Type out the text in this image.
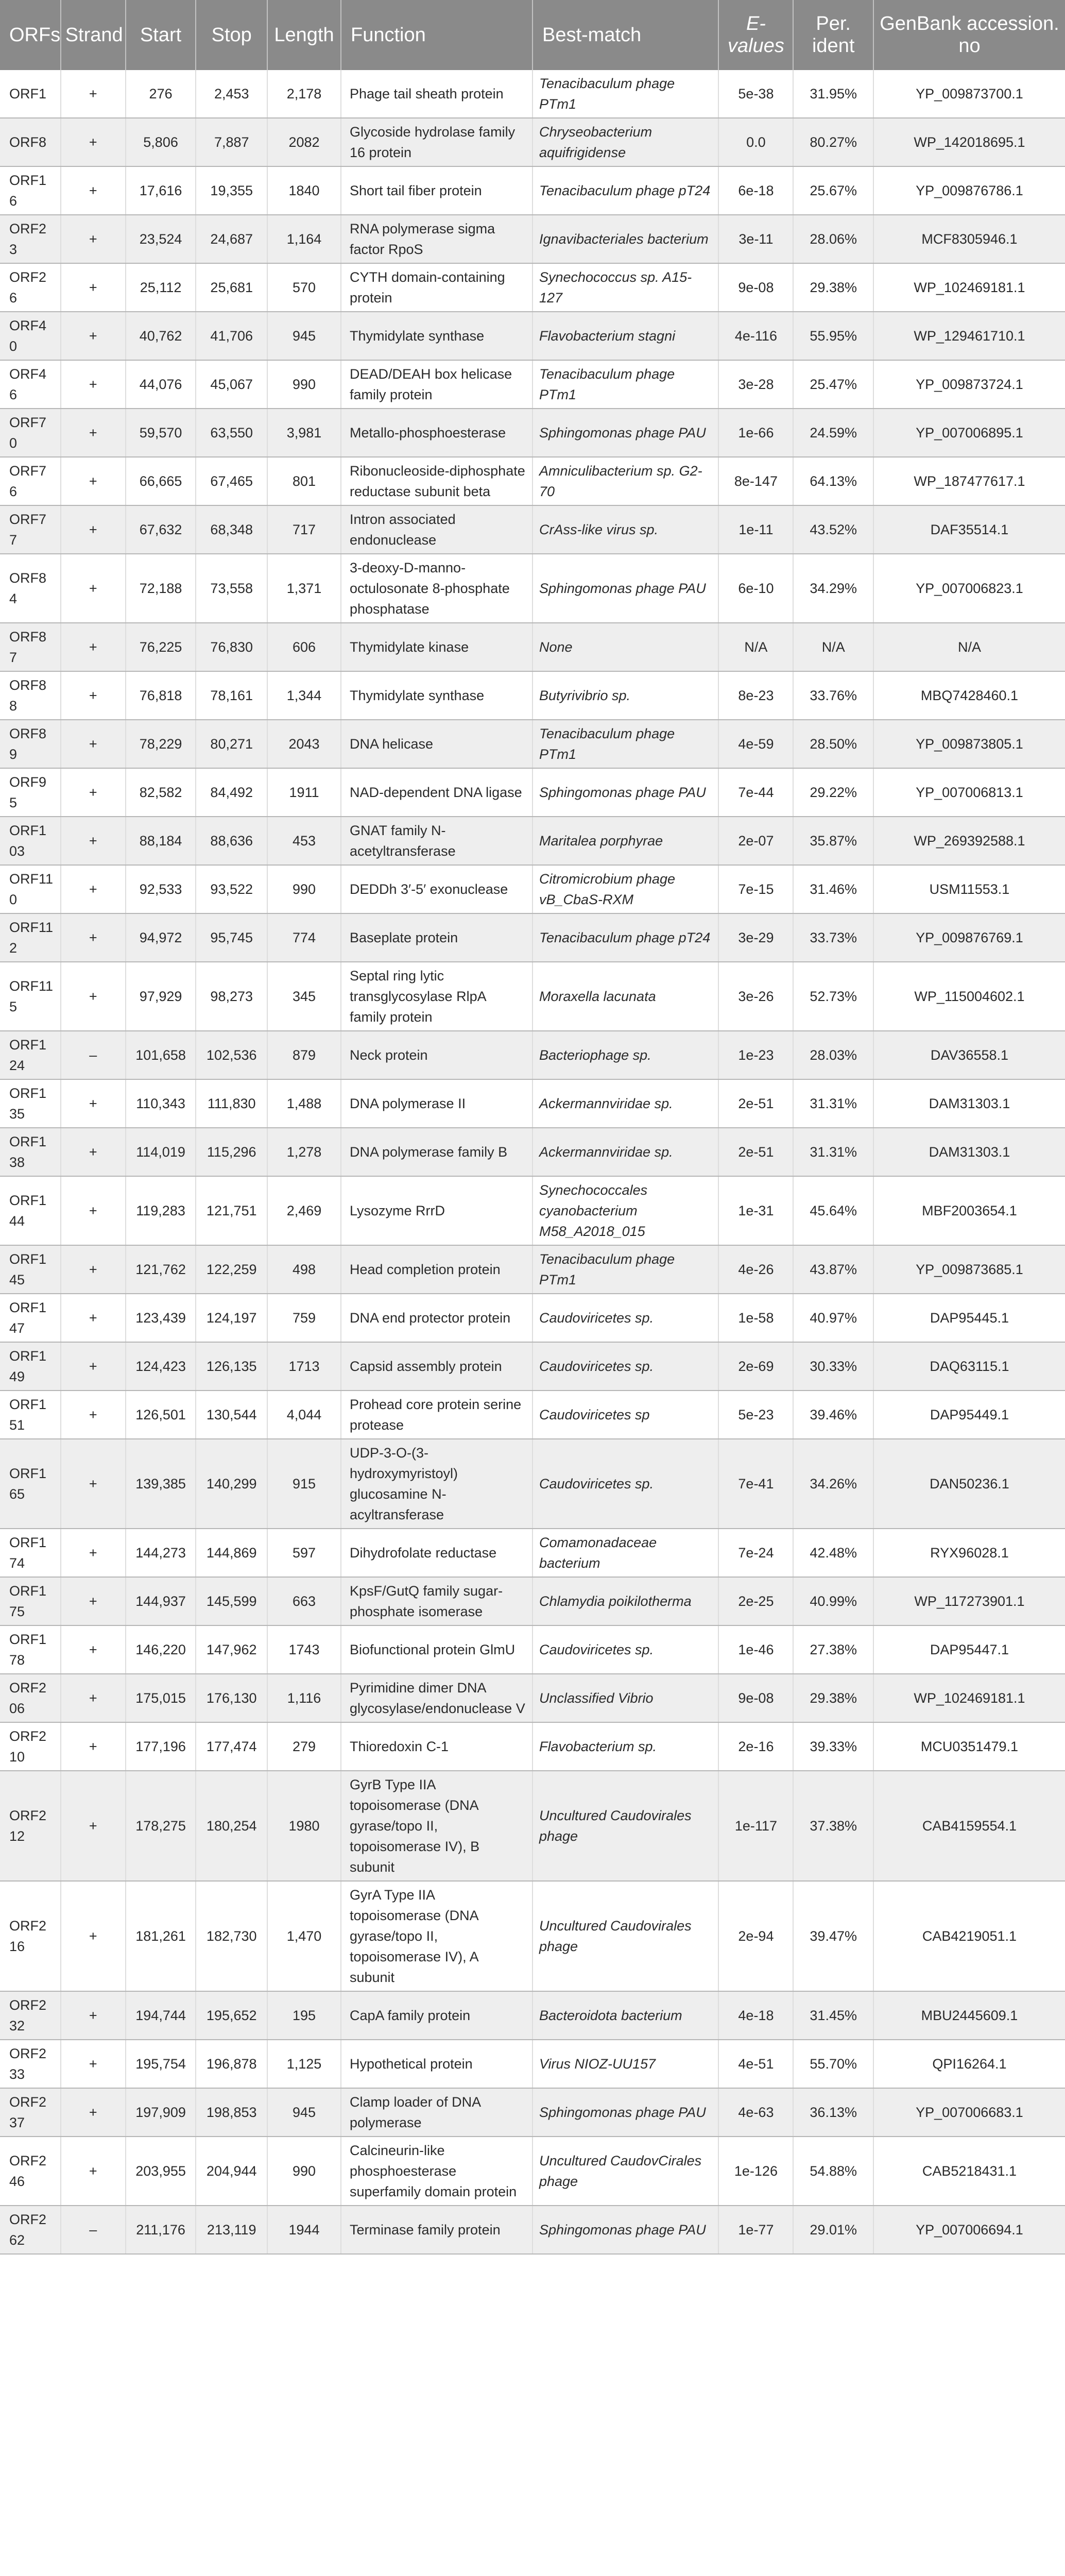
ORFs	Strand	Start	Stop	Length	Function	Best-match	E-values	Per. ident	GenBank accession. no
ORF1	+	276	2,453	2,178	Phage tail sheath protein	Tenacibaculum phage PTm1	5e-38	31.95%	YP_009873700.1
ORF8	+	5,806	7,887	2082	Glycoside hydrolase family 16 protein	Chryseobacterium aquifrigidense	0.0	80.27%	WP_142018695.1
ORF16	+	17,616	19,355	1840	Short tail fiber protein	Tenacibaculum phage pT24	6e-18	25.67%	YP_009876786.1
ORF23	+	23,524	24,687	1,164	RNA polymerase sigma factor RpoS	Ignavibacteriales bacterium	3e-11	28.06%	MCF8305946.1
ORF26	+	25,112	25,681	570	CYTH domain-containing protein	Synechococcus sp. A15-127	9e-08	29.38%	WP_102469181.1
ORF40	+	40,762	41,706	945	Thymidylate synthase	Flavobacterium stagni	4e-116	55.95%	WP_129461710.1
ORF46	+	44,076	45,067	990	DEAD/DEAH box helicase family protein	Tenacibaculum phage PTm1	3e-28	25.47%	YP_009873724.1
ORF70	+	59,570	63,550	3,981	Metallo-phosphoesterase	Sphingomonas phage PAU	1e-66	24.59%	YP_007006895.1
ORF76	+	66,665	67,465	801	Ribonucleoside-diphosphate reductase subunit beta	Amniculibacterium sp. G2-70	8e-147	64.13%	WP_187477617.1
ORF77	+	67,632	68,348	717	Intron associated endonuclease	CrAss-like virus sp.	1e-11	43.52%	DAF35514.1
ORF84	+	72,188	73,558	1,371	3-deoxy-D-manno-octulosonate 8-phosphate phosphatase	Sphingomonas phage PAU	6e-10	34.29%	YP_007006823.1
ORF87	+	76,225	76,830	606	Thymidylate kinase	None	N/A	N/A	N/A
ORF88	+	76,818	78,161	1,344	Thymidylate synthase	Butyrivibrio sp.	8e-23	33.76%	MBQ7428460.1
ORF89	+	78,229	80,271	2043	DNA helicase	Tenacibaculum phage PTm1	4e-59	28.50%	YP_009873805.1
ORF95	+	82,582	84,492	1911	NAD-dependent DNA ligase	Sphingomonas phage PAU	7e-44	29.22%	YP_007006813.1
ORF103	+	88,184	88,636	453	GNAT family N-acetyltransferase	Maritalea porphyrae	2e-07	35.87%	WP_269392588.1
ORF110	+	92,533	93,522	990	DEDDh 3′-5′ exonuclease	Citromicrobium phage vB_CbaS-RXM	7e-15	31.46%	USM11553.1
ORF112	+	94,972	95,745	774	Baseplate protein	Tenacibaculum phage pT24	3e-29	33.73%	YP_009876769.1
ORF115	+	97,929	98,273	345	Septal ring lytic transglycosylase RlpA family protein	Moraxella lacunata	3e-26	52.73%	WP_115004602.1
ORF124	–	101,658	102,536	879	Neck protein	Bacteriophage sp.	1e-23	28.03%	DAV36558.1
ORF135	+	110,343	111,830	1,488	DNA polymerase II	Ackermannviridae sp.	2e-51	31.31%	DAM31303.1
ORF138	+	114,019	115,296	1,278	DNA polymerase family B	Ackermannviridae sp.	2e-51	31.31%	DAM31303.1
ORF144	+	119,283	121,751	2,469	Lysozyme RrrD	Synechococcales cyanobacterium M58_A2018_015	1e-31	45.64%	MBF2003654.1
ORF145	+	121,762	122,259	498	Head completion protein	Tenacibaculum phage PTm1	4e-26	43.87%	YP_009873685.1
ORF147	+	123,439	124,197	759	DNA end protector protein	Caudoviricetes sp.	1e-58	40.97%	DAP95445.1
ORF149	+	124,423	126,135	1713	Capsid assembly protein	Caudoviricetes sp.	2e-69	30.33%	DAQ63115.1
ORF151	+	126,501	130,544	4,044	Prohead core protein serine protease	Caudoviricetes sp	5e-23	39.46%	DAP95449.1
ORF165	+	139,385	140,299	915	UDP-3-O-(3-hydroxymyristoyl) glucosamine N-acyltransferase	Caudoviricetes sp.	7e-41	34.26%	DAN50236.1
ORF174	+	144,273	144,869	597	Dihydrofolate reductase	Comamonadaceae bacterium	7e-24	42.48%	RYX96028.1
ORF175	+	144,937	145,599	663	KpsF/GutQ family sugar-phosphate isomerase	Chlamydia poikilotherma	2e-25	40.99%	WP_117273901.1
ORF178	+	146,220	147,962	1743	Biofunctional protein GlmU	Caudoviricetes sp.	1e-46	27.38%	DAP95447.1
ORF206	+	175,015	176,130	1,116	Pyrimidine dimer DNA glycosylase/endonuclease V	Unclassified Vibrio	9e-08	29.38%	WP_102469181.1
ORF210	+	177,196	177,474	279	Thioredoxin C-1	Flavobacterium sp.	2e-16	39.33%	MCU0351479.1
ORF212	+	178,275	180,254	1980	GyrB Type IIA topoisomerase (DNA gyrase/topo II, topoisomerase IV), B subunit	Uncultured Caudovirales phage	1e-117	37.38%	CAB4159554.1
ORF216	+	181,261	182,730	1,470	GyrA Type IIA topoisomerase (DNA gyrase/topo II, topoisomerase IV), A subunit	Uncultured Caudovirales phage	2e-94	39.47%	CAB4219051.1
ORF232	+	194,744	195,652	195	CapA family protein	Bacteroidota bacterium	4e-18	31.45%	MBU2445609.1
ORF233	+	195,754	196,878	1,125	Hypothetical protein	Virus NIOZ-UU157	4e-51	55.70%	QPI16264.1
ORF237	+	197,909	198,853	945	Clamp loader of DNA polymerase	Sphingomonas phage PAU	4e-63	36.13%	YP_007006683.1
ORF246	+	203,955	204,944	990	Calcineurin-like phosphoesterase superfamily domain protein	Uncultured CaudovCirales phage	1e-126	54.88%	CAB5218431.1
ORF262	–	211,176	213,119	1944	Terminase family protein	Sphingomonas phage PAU	1e-77	29.01%	YP_007006694.1
